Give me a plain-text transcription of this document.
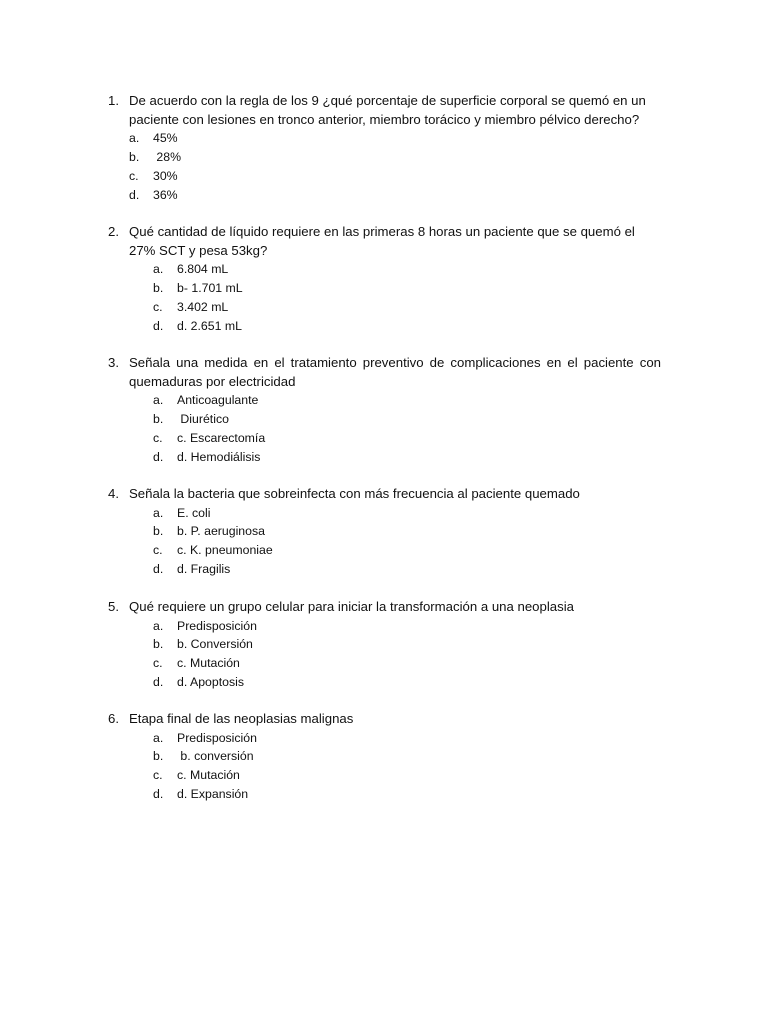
1. De acuerdo con la regla de los 9 ¿qué porcentaje de superficie corporal se quemó en un paciente con lesiones en tronco anterior, miembro torácico y miembro pélvico derecho?
a.	45%
b.	28%
c.	30%
d.	36%
2. Qué cantidad de líquido requiere en las primeras 8 horas un paciente que se quemó el 27% SCT y pesa 53kg?
a.	6.804 mL
b.	b- 1.701 mL
c.	3.402 mL
d.	d. 2.651 mL
3. Señala una medida en el tratamiento preventivo de complicaciones en el paciente con quemaduras por electricidad
a.	Anticoagulante
b.	Diurético
c.	c. Escarectomía
d.	d. Hemodiálisis
4. Señala la bacteria que sobreinfecta con más frecuencia al paciente quemado
a.	E. coli
b.	b. P. aeruginosa
c.	c. K. pneumoniae
d.	d. Fragilis
5. Qué requiere un grupo celular para iniciar la transformación a una neoplasia
a.	Predisposición
b.	b. Conversión
c.	c. Mutación
d.	d. Apoptosis
6. Etapa final de las neoplasias malignas
a.	Predisposición
b.	b. conversión
c.	c. Mutación
d.	d. Expansión
